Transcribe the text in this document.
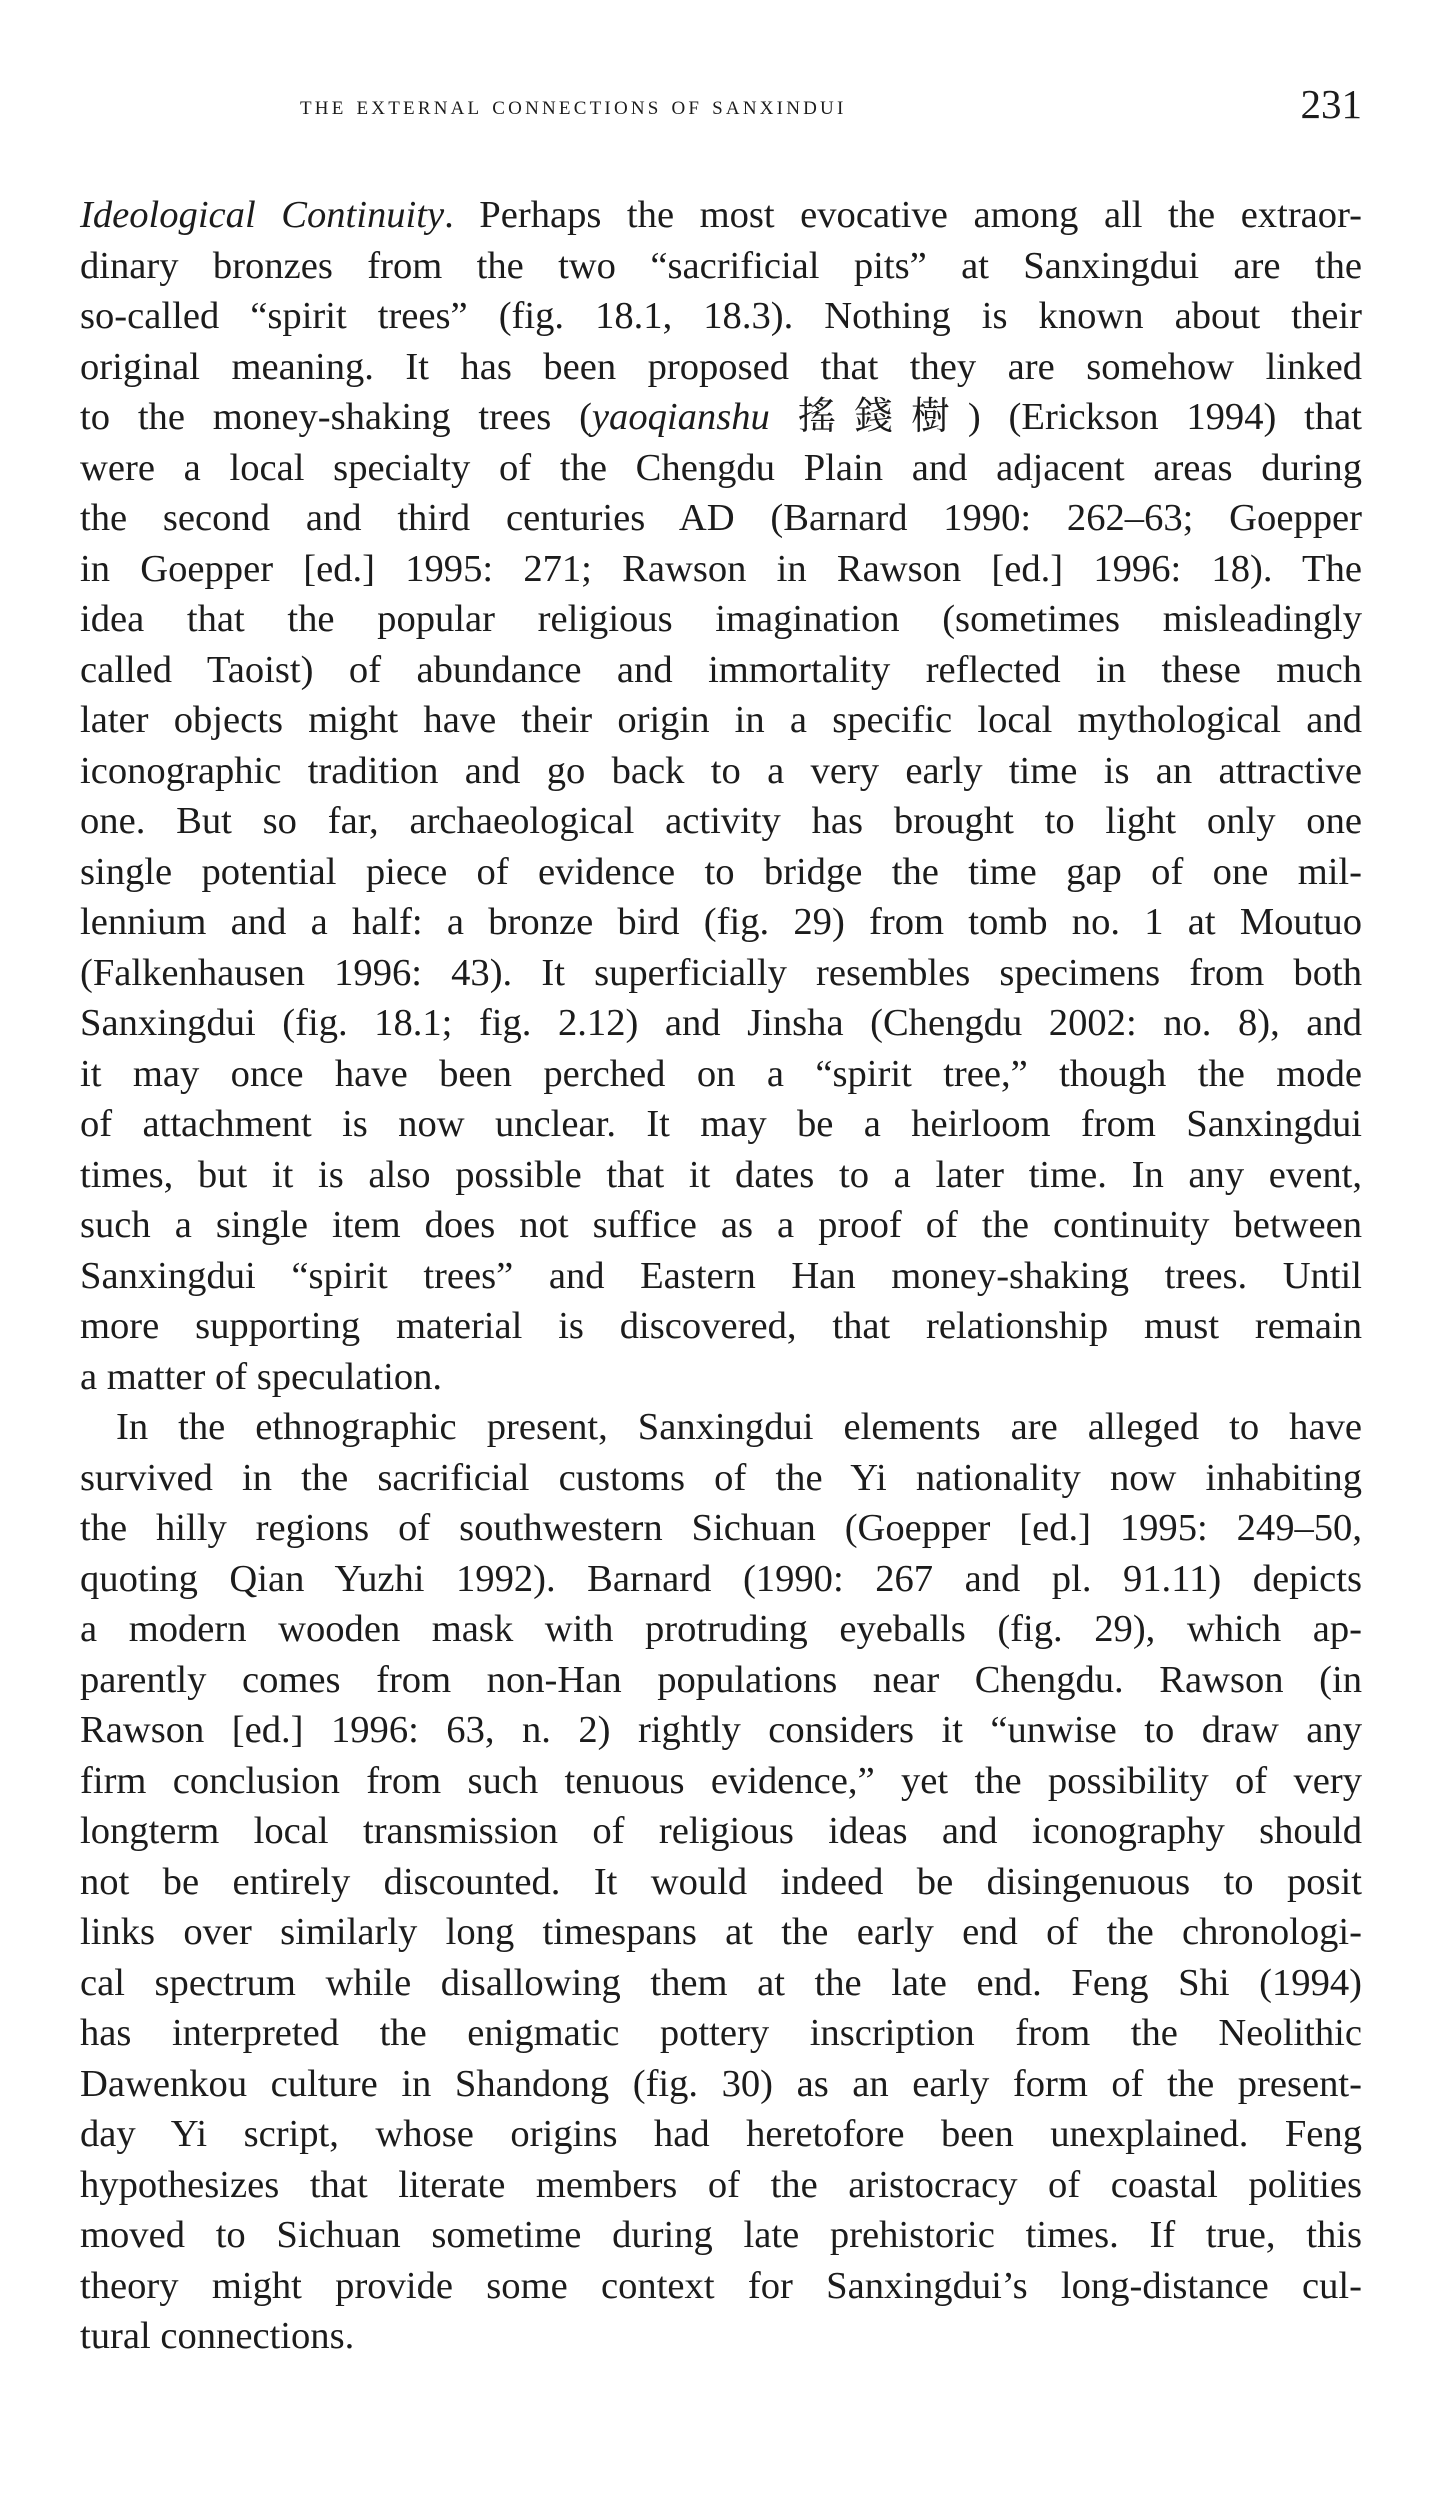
the external connections of sanxindui	231
Ideological Continuity. Perhaps the most evocative among all the extraor-
dinary bronzes from the two “sacrificial pits” at Sanxingdui are the
so-called “spirit trees” (fig. 18.1, 18.3). Nothing is known about their
original meaning. It has been proposed that they are somehow linked
to the money-shaking trees (yaoqianshu 搖錢樹) (Erickson 1994) that
were a local specialty of the Chengdu Plain and adjacent areas during
the second and third centuries AD (Barnard 1990: 262–63; Goepper
in Goepper [ed.] 1995: 271; Rawson in Rawson [ed.] 1996: 18). The
idea that the popular religious imagination (sometimes misleadingly
called Taoist) of abundance and immortality reflected in these much
later objects might have their origin in a specific local mythological and
iconographic tradition and go back to a very early time is an attractive
one. But so far, archaeological activity has brought to light only one
single potential piece of evidence to bridge the time gap of one mil-
lennium and a half: a bronze bird (fig. 29) from tomb no. 1 at Moutuo
(Falkenhausen 1996: 43). It superficially resembles specimens from both
Sanxingdui (fig. 18.1; fig. 2.12) and Jinsha (Chengdu 2002: no. 8), and
it may once have been perched on a “spirit tree,” though the mode
of attachment is now unclear. It may be a heirloom from Sanxingdui
times, but it is also possible that it dates to a later time. In any event,
such a single item does not suffice as a proof of the continuity between
Sanxingdui “spirit trees” and Eastern Han money-shaking trees. Until
more supporting material is discovered, that relationship must remain
a matter of speculation.
In the ethnographic present, Sanxingdui elements are alleged to have
survived in the sacrificial customs of the Yi nationality now inhabiting
the hilly regions of southwestern Sichuan (Goepper [ed.] 1995: 249–50,
quoting Qian Yuzhi 1992). Barnard (1990: 267 and pl. 91.11) depicts
a modern wooden mask with protruding eyeballs (fig. 29), which ap-
parently comes from non-Han populations near Chengdu. Rawson (in
Rawson [ed.] 1996: 63, n. 2) rightly considers it “unwise to draw any
firm conclusion from such tenuous evidence,” yet the possibility of very
longterm local transmission of religious ideas and iconography should
not be entirely discounted. It would indeed be disingenuous to posit
links over similarly long timespans at the early end of the chronologi-
cal spectrum while disallowing them at the late end. Feng Shi (1994)
has interpreted the enigmatic pottery inscription from the Neolithic
Dawenkou culture in Shandong (fig. 30) as an early form of the present-
day Yi script, whose origins had heretofore been unexplained. Feng
hypothesizes that literate members of the aristocracy of coastal polities
moved to Sichuan sometime during late prehistoric times. If true, this
theory might provide some context for Sanxingdui’s long-distance cul-
tural connections.
